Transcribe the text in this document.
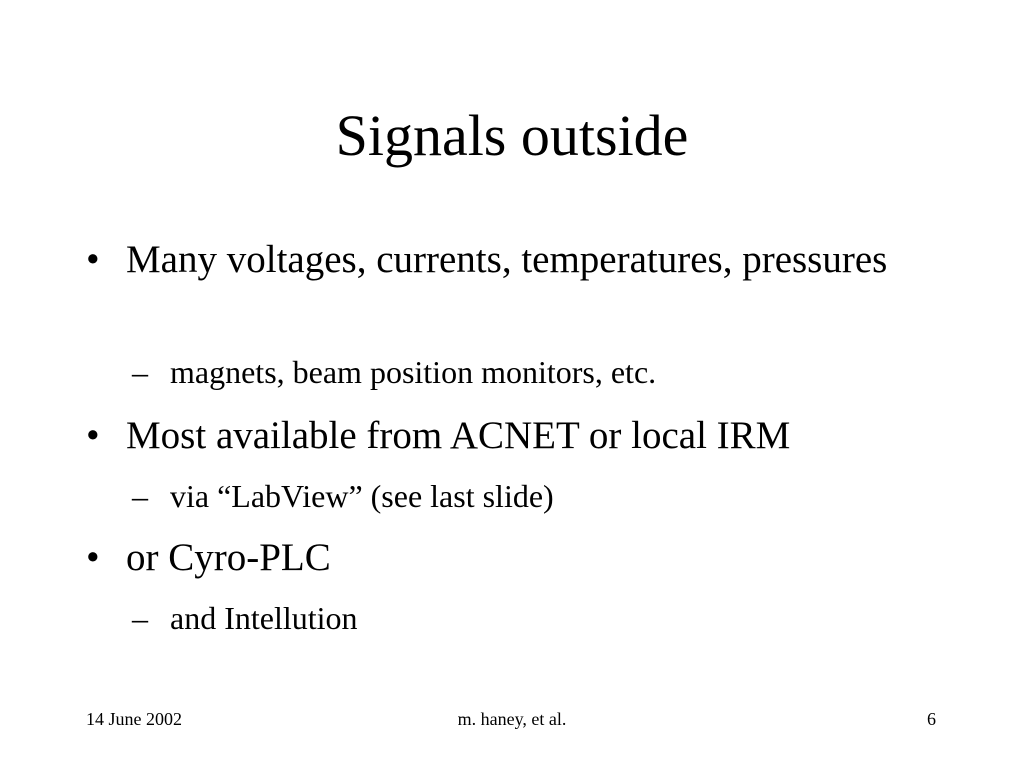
Signals outside
• Many voltages, currents, temperatures, pressures
– magnets, beam position monitors, etc.
• Most available from ACNET or local IRM
– via “LabView” (see last slide)
• or Cyro-PLC
– and Intellution
14 June 2002	m. haney, et al.	6
